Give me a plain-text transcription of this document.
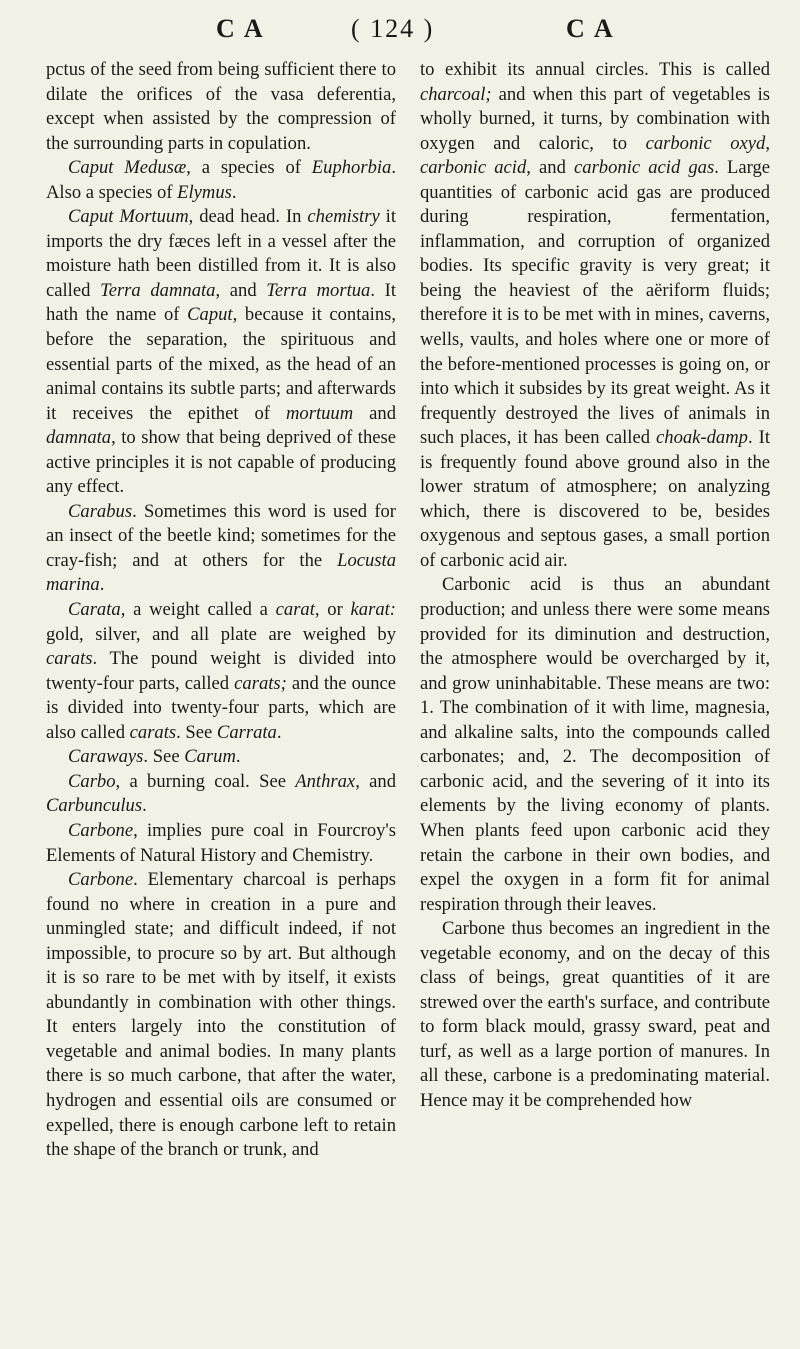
C A	( 124 )	C A

pctus of the seed from being sufficient there to dilate the orifices of the vasa deferentia, except when assisted by the compression of the surrounding parts in copulation.

Caput Medusæ, a species of Euphorbia. Also a species of Elymus.

Caput Mortuum, dead head. In chemistry it imports the dry fæces left in a vessel after the moisture hath been distilled from it. It is also called Terra damnata, and Terra mortua. It hath the name of Caput, because it contains, before the separation, the spirituous and essential parts of the mixed, as the head of an animal contains its subtle parts; and afterwards it receives the epithet of mortuum and damnata, to show that being deprived of these active principles it is not capable of producing any effect.

Carabus. Sometimes this word is used for an insect of the beetle kind; sometimes for the cray-fish; and at others for the Locusta marina.

Carata, a weight called a carat, or karat: gold, silver, and all plate are weighed by carats. The pound weight is divided into twenty-four parts, called carats; and the ounce is divided into twenty-four parts, which are also called carats. See Carrata.

Caraways. See Carum.

Carbo, a burning coal. See Anthrax, and Carbunculus.

Carbone, implies pure coal in Fourcroy's Elements of Natural History and Chemistry.

Carbone. Elementary charcoal is perhaps found no where in creation in a pure and unmingled state; and difficult indeed, if not impossible, to procure so by art. But although it is so rare to be met with by itself, it exists abundantly in combination with other things. It enters largely into the constitution of vegetable and animal bodies. In many plants there is so much carbone, that after the water, hydrogen and essential oils are consumed or expelled, there is enough carbone left to retain the shape of the branch or trunk, and

to exhibit its annual circles. This is called charcoal; and when this part of vegetables is wholly burned, it turns, by combination with oxygen and caloric, to carbonic oxyd, carbonic acid, and carbonic acid gas. Large quantities of carbonic acid gas are produced during respiration, fermentation, inflammation, and corruption of organized bodies. Its specific gravity is very great; it being the heaviest of the aëriform fluids; therefore it is to be met with in mines, caverns, wells, vaults, and holes where one or more of the before-mentioned processes is going on, or into which it subsides by its great weight. As it frequently destroyed the lives of animals in such places, it has been called choak-damp. It is frequently found above ground also in the lower stratum of atmosphere; on analyzing which, there is discovered to be, besides oxygenous and septous gases, a small portion of carbonic acid air.

Carbonic acid is thus an abundant production; and unless there were some means provided for its diminution and destruction, the atmosphere would be overcharged by it, and grow uninhabitable. These means are two: 1. The combination of it with lime, magnesia, and alkaline salts, into the compounds called carbonates; and, 2. The decomposition of carbonic acid, and the severing of it into its elements by the living economy of plants. When plants feed upon carbonic acid they retain the carbone in their own bodies, and expel the oxygen in a form fit for animal respiration through their leaves.

Carbone thus becomes an ingredient in the vegetable economy, and on the decay of this class of beings, great quantities of it are strewed over the earth's surface, and contribute to form black mould, grassy sward, peat and turf, as well as a large portion of manures. In all these, carbone is a predominating material. Hence may it be comprehended how
